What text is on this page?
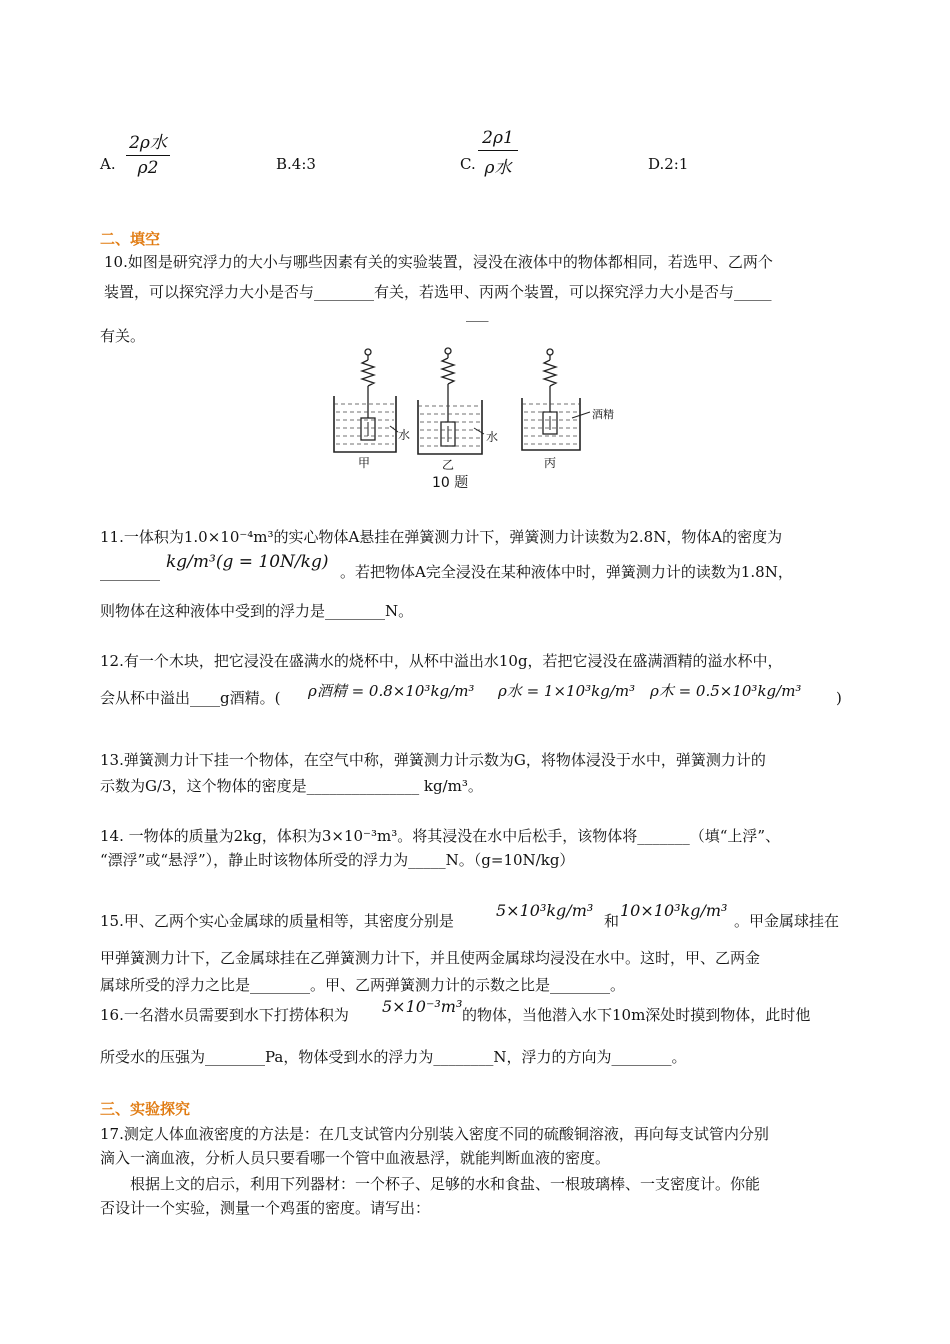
A.
2ρ水
ρ2	B.4:3	C.
2ρ1
ρ水	D.2:1
二、填空
10.如图是研究浮力的大小与哪些因素有关的实验装置，浸没在液体中的物体都相同，若选甲、乙两个
装置，可以探究浮力大小是否与________有关，若选甲、丙两个装置，可以探究浮力大小是否与_____
___
有关。
水	水
酒精
甲	乙	丙
10 题
11.一体积为1.0×10⁻⁴m³的实心物体A悬挂在弹簧测力计下，弹簧测力计读数为2.8N，物体A的密度为
________ kg/m³(g = 10N/kg) 。若把物体A完全浸没在某种液体中时，弹簧测力计的读数为1.8N，
则物体在这种液体中受到的浮力是________N。
12.有一个木块，把它浸没在盛满水的烧杯中，从杯中溢出水10g，若把它浸没在盛满酒精的溢水杯中，
会从杯中溢出____g酒精。( ρ酒精 = 0.8×10³kg/m³ ρ水 = 1×10³kg/m³ ρ木 = 0.5×10³kg/m³ )
13.弹簧测力计下挂一个物体，在空气中称，弹簧测力计示数为G，将物体浸没于水中，弹簧测力计的
示数为G/3，这个物体的密度是_______________ kg/m³。
14. 一物体的质量为2kg，体积为3×10⁻³m³。将其浸没在水中后松手，该物体将_______（填“上浮”、
“漂浮”或“悬浮”），静止时该物体所受的浮力为_____N。（g=10N/kg）
15.甲、乙两个实心金属球的质量相等，其密度分别是
5×10³kg/m³
和
10×10³kg/m³
。甲金属球挂在
甲弹簧测力计下，乙金属球挂在乙弹簧测力计下，并且使两金属球均浸没在水中。这时，甲、乙两金
属球所受的浮力之比是________。甲、乙两弹簧测力计的示数之比是________。
16.一名潜水员需要到水下打捞体积为 5×10⁻³m³ 的物体，当他潜入水下10m深处时摸到物体，此时他
所受水的压强为________Pa，物体受到水的浮力为________N，浮力的方向为________。
三、实验探究
17.测定人体血液密度的方法是：在几支试管内分别装入密度不同的硫酸铜溶液，再向每支试管内分别
滴入一滴血液，分析人员只要看哪一个管中血液悬浮，就能判断血液的密度。
根据上文的启示，利用下列器材：一个杯子、足够的水和食盐、一根玻璃棒、一支密度计。你能
否设计一个实验，测量一个鸡蛋的密度。请写出：
